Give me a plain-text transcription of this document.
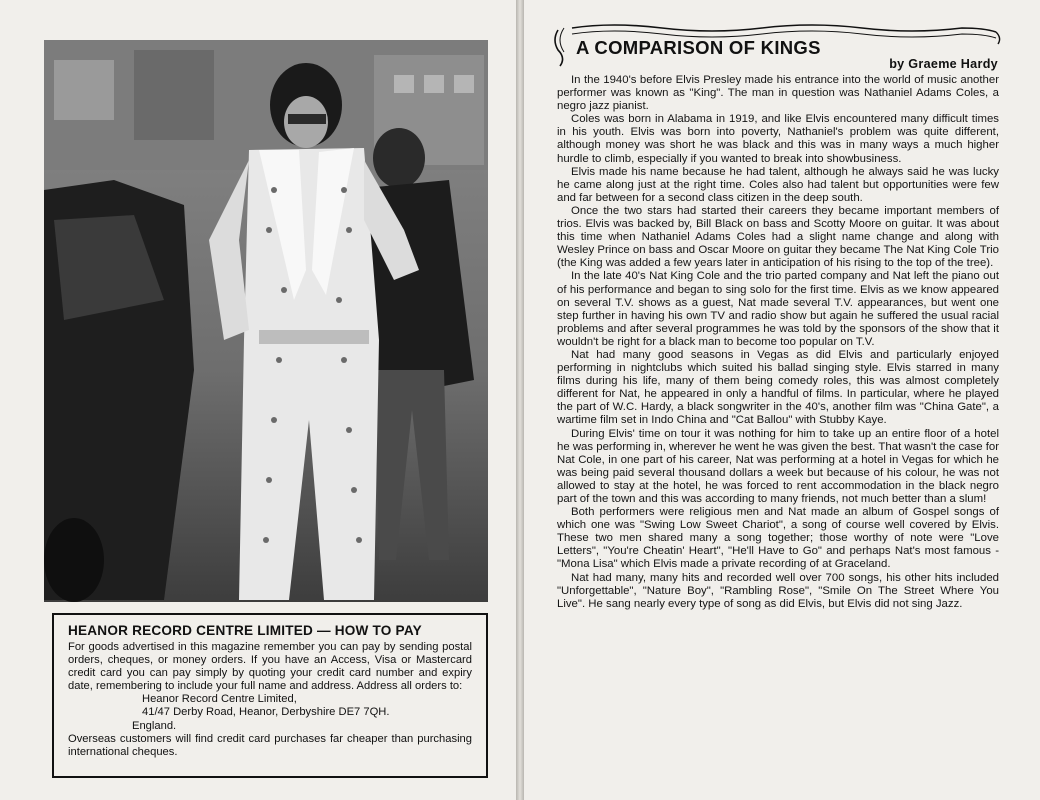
HEANOR RECORD CENTRE LIMITED — HOW TO PAY
For goods advertised in this magazine remember you can pay by sending postal orders, cheques, or money orders. If you have an Access, Visa or Mastercard credit card you can pay simply by quoting your credit card number and expiry date, remembering to include your full name and address. Address all orders to:
Heanor Record Centre Limited,
41/47 Derby Road, Heanor, Derbyshire DE7 7QH.
England.
Overseas customers will find credit card purchases far cheaper than purchasing international cheques.
A COMPARISON OF KINGS
by Graeme Hardy

In the 1940's before Elvis Presley made his entrance into the world of music another performer was known as "King". The man in question was Nathaniel Adams Coles, a negro jazz pianist.

Coles was born in Alabama in 1919, and like Elvis encountered many difficult times in his youth. Elvis was born into poverty, Nathaniel's problem was quite different, although money was short he was black and this was in many ways a much higher hurdle to climb, especially if you wanted to break into showbusiness.

Elvis made his name because he had talent, although he always said he was lucky he came along just at the right time. Coles also had talent but opportunities were few and far between for a second class citizen in the deep south.

Once the two stars had started their careers they became important members of trios. Elvis was backed by, Bill Black on bass and Scotty Moore on guitar. It was about this time when Nathaniel Adams Coles had a slight name change and along with Wesley Prince on bass and Oscar Moore on guitar they became The Nat King Cole Trio (the King was added a few years later in anticipation of his rising to the top of the tree).

In the late 40's Nat King Cole and the trio parted company and Nat left the piano out of his performance and began to sing solo for the first time. Elvis as we know appeared on several T.V. shows as a guest, Nat made several T.V. appearances, but went one step further in having his own TV and radio show but again he suffered the usual racial problems and after several programmes he was told by the sponsors of the show that it wouldn't be right for a black man to become too popular on T.V.

Nat had many good seasons in Vegas as did Elvis and particularly enjoyed performing in nightclubs which suited his ballad singing style. Elvis starred in many films during his life, many of them being comedy roles, this was almost completely different for Nat, he appeared in only a handful of films. In particular, where he played the part of W.C. Hardy, a black songwriter in the 40's, another film was "China Gate", a wartime film set in Indo China and "Cat Ballou" with Stubby Kaye.

During Elvis' time on tour it was nothing for him to take up an entire floor of a hotel he was performing in, wherever he went he was given the best. That wasn't the case for Nat Cole, in one part of his career, Nat was performing at a hotel in Vegas for which he was being paid several thousand dollars a week but because of his colour, he was not allowed to stay at the hotel, he was forced to rent accommodation in the black negro part of the town and this was according to many friends, not much better than a slum!

Both performers were religious men and Nat made an album of Gospel songs of which one was "Swing Low Sweet Chariot", a song of course well covered by Elvis. These two men shared many a song together; those worthy of note were "Love Letters", "You're Cheatin' Heart", "He'll Have to Go" and perhaps Nat's most famous - "Mona Lisa" which Elvis made a private recording of at Graceland.

Nat had many, many hits and recorded well over 700 songs, his other hits included "Unforgettable", "Nature Boy", "Rambling Rose", "Smile On The Street Where You Live". He sang nearly every type of song as did Elvis, but Elvis did not sing Jazz.
